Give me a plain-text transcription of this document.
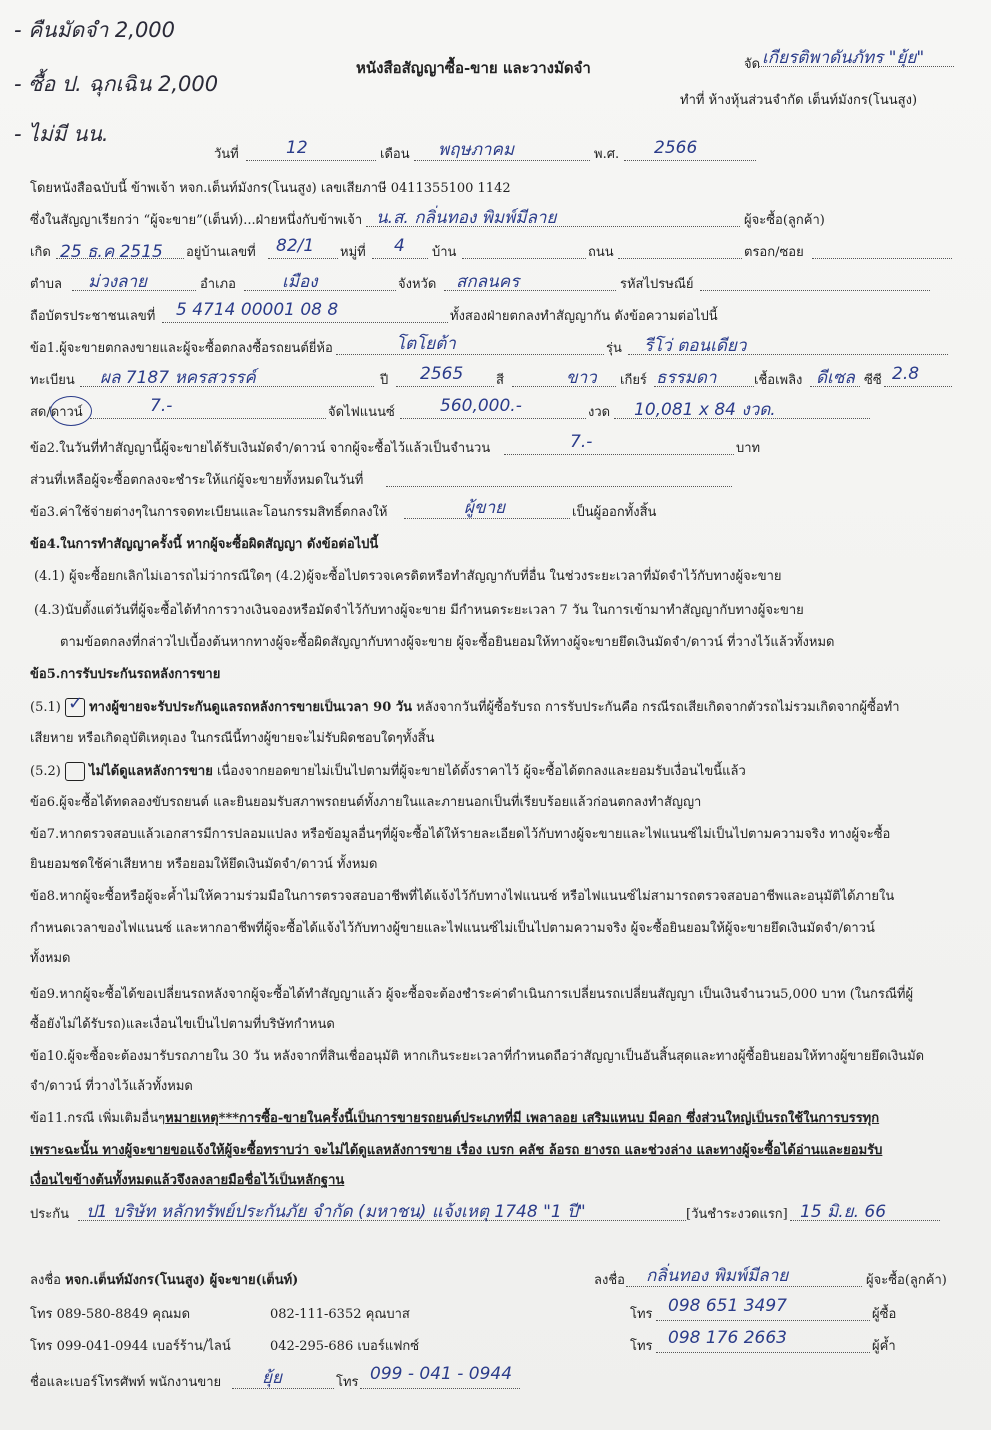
- คืนมัดจำ 2,000
- ซื้อ ป. ฉุกเฉิน 2,000
- ไม่มี นน.
หนังสือสัญญาซื้อ-ขาย และวางมัดจำ	จัด เกียรติพาดันภัทร "ยุ้ย"
ทำที่ ห้างหุ้นส่วนจำกัด เต็นท์มังกร(โนนสูง)
วันที่	12	เดือน พฤษภาคม	พ.ศ. 2566
โดยหนังสือฉบับนี้ ข้าพเจ้า หจก.เต็นท์มังกร(โนนสูง) เลขเสียภาษี 0411355100 1142
ซึ่งในสัญญาเรียกว่า “ผู้จะขาย”(เต็นท์)...ฝ่ายหนึ่งกับข้าพเจ้า น.ส. กลิ่นทอง พิมพ์มีลาย	ผู้จะซื้อ(ลูกค้า)
เกิด 25 ธ.ค 2515 อยู่บ้านเลขที่ 82/1 หมู่ที่ 4 บ้าน	ถนน	ตรอก/ซอย
ตำบล ม่วงลาย	อำเภอ	เมือง	จังหวัด สกลนคร	รหัสไปรษณีย์
ถือบัตรประชาชนเลขที่ 5 4714 00001 08 8	ทั้งสองฝ่ายตกลงทำสัญญากัน ดังข้อความต่อไปนี้
ข้อ1.ผู้จะขายตกลงขายและผู้จะซื้อตกลงซื้อรถยนต์ยี่ห้อ	โตโยต้า	รุ่น รีโว่ ตอนเดียว
ทะเบียน ผล 7187 หครสวรรค์	ปี 2565	สี	ขาว เกียร์ ธรรมดา	เชื้อเพลิง ดีเซล ซีซี 2.8
สด/ดาวน์	7.-	จัดไฟแนนซ์	560,000.-	งวด 10,081 x 84 งวด.
ข้อ2.ในวันที่ทำสัญญานี้ผู้จะขายได้รับเงินมัดจำ/ดาวน์ จากผู้จะซื้อไว้แล้วเป็นจำนวน	7.-	บาท
ส่วนที่เหลือผู้จะซื้อตกลงจะชำระให้แก่ผู้จะขายทั้งหมดในวันที่
ข้อ3.ค่าใช้จ่ายต่างๆในการจดทะเบียนและโอนกรรมสิทธิ์ตกลงให้	ผู้ขาย	เป็นผู้ออกทั้งสิ้น
ข้อ4.ในการทำสัญญาครั้งนี้ หากผู้จะซื้อผิดสัญญา ดังข้อต่อไปนี้
(4.1) ผู้จะซื้อยกเลิกไม่เอารถไม่ว่ากรณีใดๆ (4.2)ผู้จะซื้อไปตรวจเครดิตหรือทำสัญญากับที่อื่น ในช่วงระยะเวลาที่มัดจำไว้กับทางผู้จะขาย
(4.3)นับตั้งแต่วันที่ผู้จะซื้อได้ทำการวางเงินจองหรือมัดจำไว้กับทางผู้จะขาย มีกำหนดระยะเวลา 7 วัน ในการเข้ามาทำสัญญากับทางผู้จะขาย
ตามข้อตกลงที่กล่าวไปเบื้องต้นหากทางผู้จะซื้อผิดสัญญากับทางผู้จะขาย ผู้จะซื้อยินยอมให้ทางผู้จะขายยึดเงินมัดจำ/ดาวน์ ที่วางไว้แล้วทั้งหมด
ข้อ5.การรับประกันรถหลังการขาย
(5.1) ✓ ทางผู้ขายจะรับประกันดูแลรถหลังการขายเป็นเวลา 90 วัน หลังจากวันที่ผู้ซื้อรับรถ การรับประกันคือ กรณีรถเสียเกิดจากตัวรถไม่รวมเกิดจากผู้ซื้อทำ
เสียหาย หรือเกิดอุบัติเหตุเอง ในกรณีนี้ทางผู้ขายจะไม่รับผิดชอบใดๆทั้งสิ้น
(5.2) ไม่ได้ดูแลหลังการขาย เนื่องจากยอดขายไม่เป็นไปตามที่ผู้จะขายได้ตั้งราคาไว้ ผู้จะซื้อได้ตกลงและยอมรับเงื่อนไขนี้แล้ว
ข้อ6.ผู้จะซื้อได้ทดลองขับรถยนต์ และยินยอมรับสภาพรถยนต์ทั้งภายในและภายนอกเป็นที่เรียบร้อยแล้วก่อนตกลงทำสัญญา
ข้อ7.หากตรวจสอบแล้วเอกสารมีการปลอมแปลง หรือข้อมูลอื่นๆที่ผู้จะซื้อได้ให้รายละเอียดไว้กับทางผู้จะขายและไฟแนนซ์ไม่เป็นไปตามความจริง ทางผู้จะซื้อ
ยินยอมชดใช้ค่าเสียหาย หรือยอมให้ยึดเงินมัดจำ/ดาวน์ ทั้งหมด
ข้อ8.หากผู้จะซื้อหรือผู้จะค้ำไม่ให้ความร่วมมือในการตรวจสอบอาชีพที่ได้แจ้งไว้กับทางไฟแนนซ์ หรือไฟแนนซ์ไม่สามารถตรวจสอบอาชีพและอนุมัติได้ภายใน
กำหนดเวลาของไฟแนนซ์ และหากอาชีพที่ผู้จะซื้อได้แจ้งไว้กับทางผู้ขายและไฟแนนซ์ไม่เป็นไปตามความจริง ผู้จะซื้อยินยอมให้ผู้จะขายยึดเงินมัดจำ/ดาวน์
ทั้งหมด
ข้อ9.หากผู้จะซื้อได้ขอเปลี่ยนรถหลังจากผู้จะซื้อได้ทำสัญญาแล้ว ผู้จะซื้อจะต้องชำระค่าดำเนินการเปลี่ยนรถเปลี่ยนสัญญา เป็นเงินจำนวน5,000 บาท (ในกรณีที่ผู้
ซื้อยังไม่ได้รับรถ)และเงื่อนไขเป็นไปตามที่บริษัทกำหนด
ข้อ10.ผู้จะซื้อจะต้องมารับรถภายใน 30 วัน หลังจากที่สินเชื่ออนุมัติ หากเกินระยะเวลาที่กำหนดถือว่าสัญญาเป็นอันสิ้นสุดและทางผู้ซื้อยินยอมให้ทางผู้ขายยึดเงินมัด
จำ/ดาวน์ ที่วางไว้แล้วทั้งหมด
ข้อ11.กรณี เพิ่มเติมอื่นๆหมายเหตุ***การซื้อ-ขายในครั้งนี้เป็นการขายรถยนต์ประเภทที่มี เพลาลอย เสริมแหนบ มีคอก ซึ่งส่วนใหญ่เป็นรถใช้ในการบรรทุก
เพราะฉะนั้น ทางผู้จะขายขอแจ้งให้ผู้จะซื้อทราบว่า จะไม่ได้ดูแลหลังการขาย เรื่อง เบรก คลัช ล้อรถ ยางรถ และช่วงล่าง และทางผู้จะซื้อได้อ่านและยอมรับ
เงื่อนไขข้างต้นทั้งหมดแล้วจึงลงลายมือชื่อไว้เป็นหลักฐาน
ประกัน ป1 บริษัท หลักทรัพย์ประกันภัย จำกัด (มหาชน) แจ้งเหตุ 1748 "1 ปี"	[วันชำระงวดแรก] 15 มิ.ย. 66
ลงชื่อ หจก.เต็นท์มังกร(โนนสูง) ผู้จะขาย(เต็นท์)	ลงชื่อ กลิ่นทอง พิมพ์มีลาย	ผู้จะซื้อ(ลูกค้า)
โทร 089-580-8849 คุณมด	082-111-6352 คุณบาส	โทร 098 651 3497	ผู้ซื้อ
โทร 099-041-0944 เบอร์ร้าน/ไลน์	042-295-686 เบอร์แฟกซ์	โทร 098 176 2663	ผู้ค้ำ
ชื่อและเบอร์โทรศัพท์ พนักงานขาย ยุ้ย	โทร 099 - 041 - 0944
